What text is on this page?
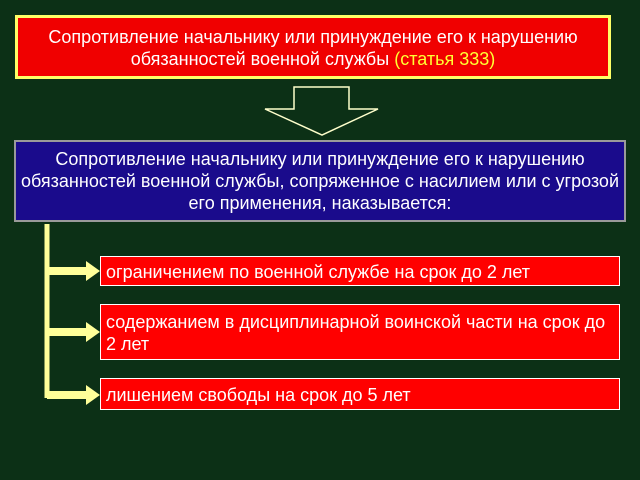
Сопротивление начальнику или принуждение его к нарушению обязанностей военной службы (статья 333)
Сопротивление начальнику или принуждение его к нарушению обязанностей военной службы, сопряженное с насилием или с угрозой его применения, наказывается:
ограничением по военной службе на срок до 2 лет
содержанием в дисциплинарной воинской части на срок до 2 лет
лишением свободы на срок до 5 лет
